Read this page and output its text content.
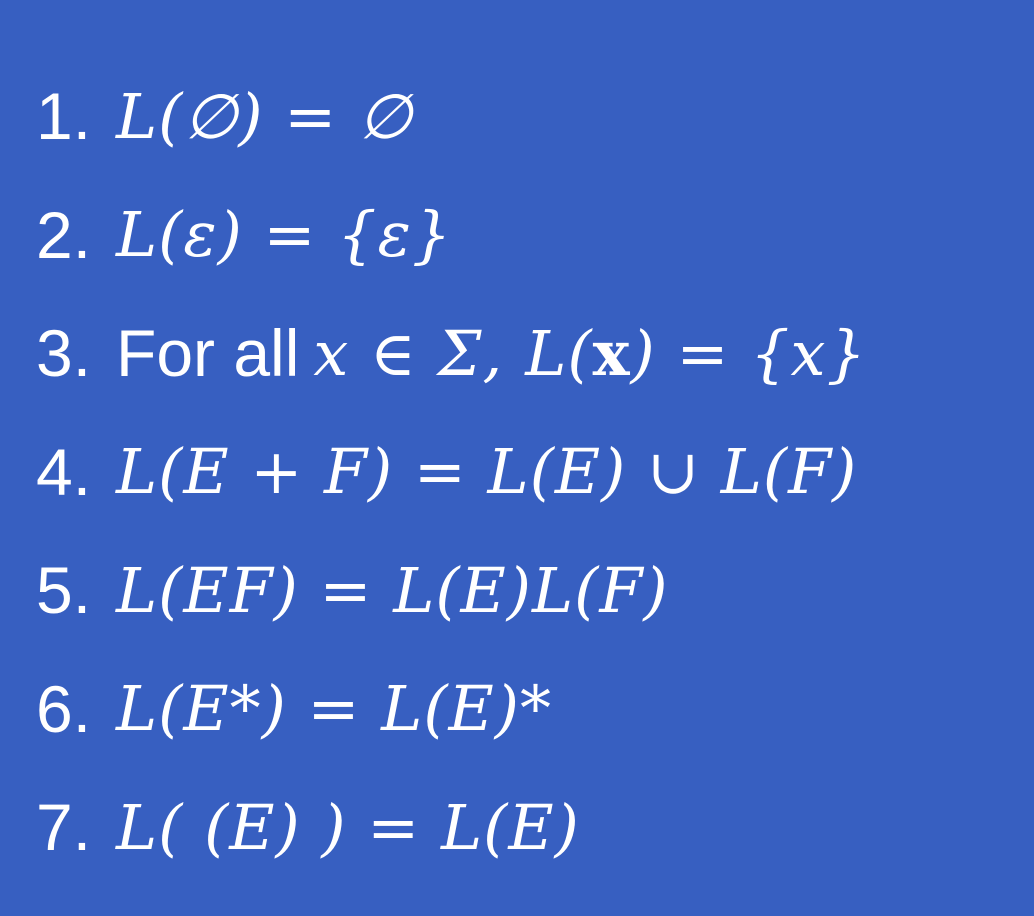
1. L(∅) = ∅
2. L(ε) = {ε}
3. For all x ∈ Σ, L( x ) = {x}
4. L(E + F) = L(E) ∪ L(F)
5. L(EF) = L(E)L(F)
6. L(E*) = L(E)*
7. L( (E) ) = L(E)
